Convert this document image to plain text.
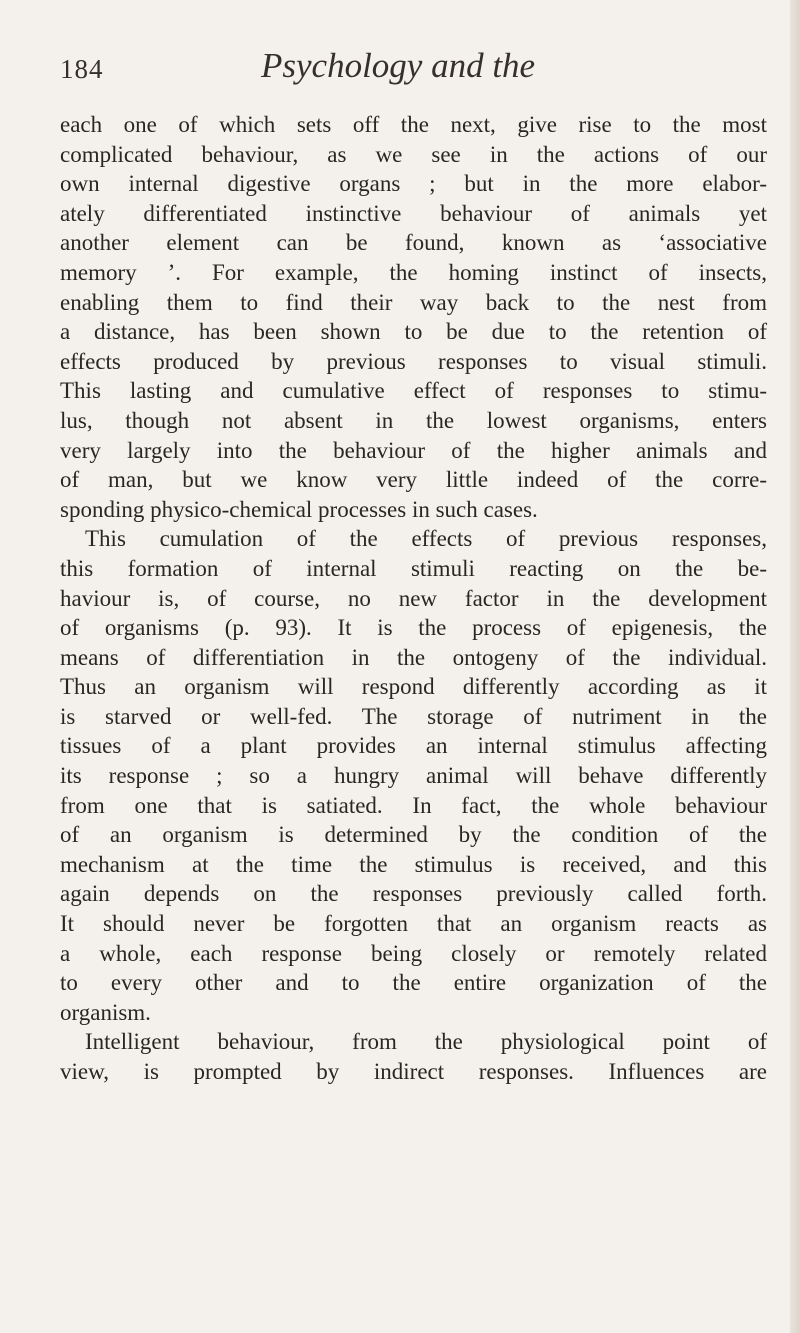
184	Psychology and the
each one of which sets off the next, give rise to the most
complicated behaviour, as we see in the actions of our
own internal digestive organs ; but in the more elabor-
ately differentiated instinctive behaviour of animals yet
another element can be found, known as ‘associative
memory ’. For example, the homing instinct of insects,
enabling them to find their way back to the nest from
a distance, has been shown to be due to the retention of
effects produced by previous responses to visual stimuli.
This lasting and cumulative effect of responses to stimu-
lus, though not absent in the lowest organisms, enters
very largely into the behaviour of the higher animals and
of man, but we know very little indeed of the corre-
sponding physico-chemical processes in such cases.
This cumulation of the effects of previous responses,
this formation of internal stimuli reacting on the be-
haviour is, of course, no new factor in the development
of organisms (p. 93). It is the process of epigenesis, the
means of differentiation in the ontogeny of the individual.
Thus an organism will respond differently according as it
is starved or well-fed. The storage of nutriment in the
tissues of a plant provides an internal stimulus affecting
its response ; so a hungry animal will behave differently
from one that is satiated. In fact, the whole behaviour
of an organism is determined by the condition of the
mechanism at the time the stimulus is received, and this
again depends on the responses previously called forth.
It should never be forgotten that an organism reacts as
a whole, each response being closely or remotely related
to every other and to the entire organization of the
organism.
Intelligent behaviour, from the physiological point of
view, is prompted by indirect responses. Influences are
